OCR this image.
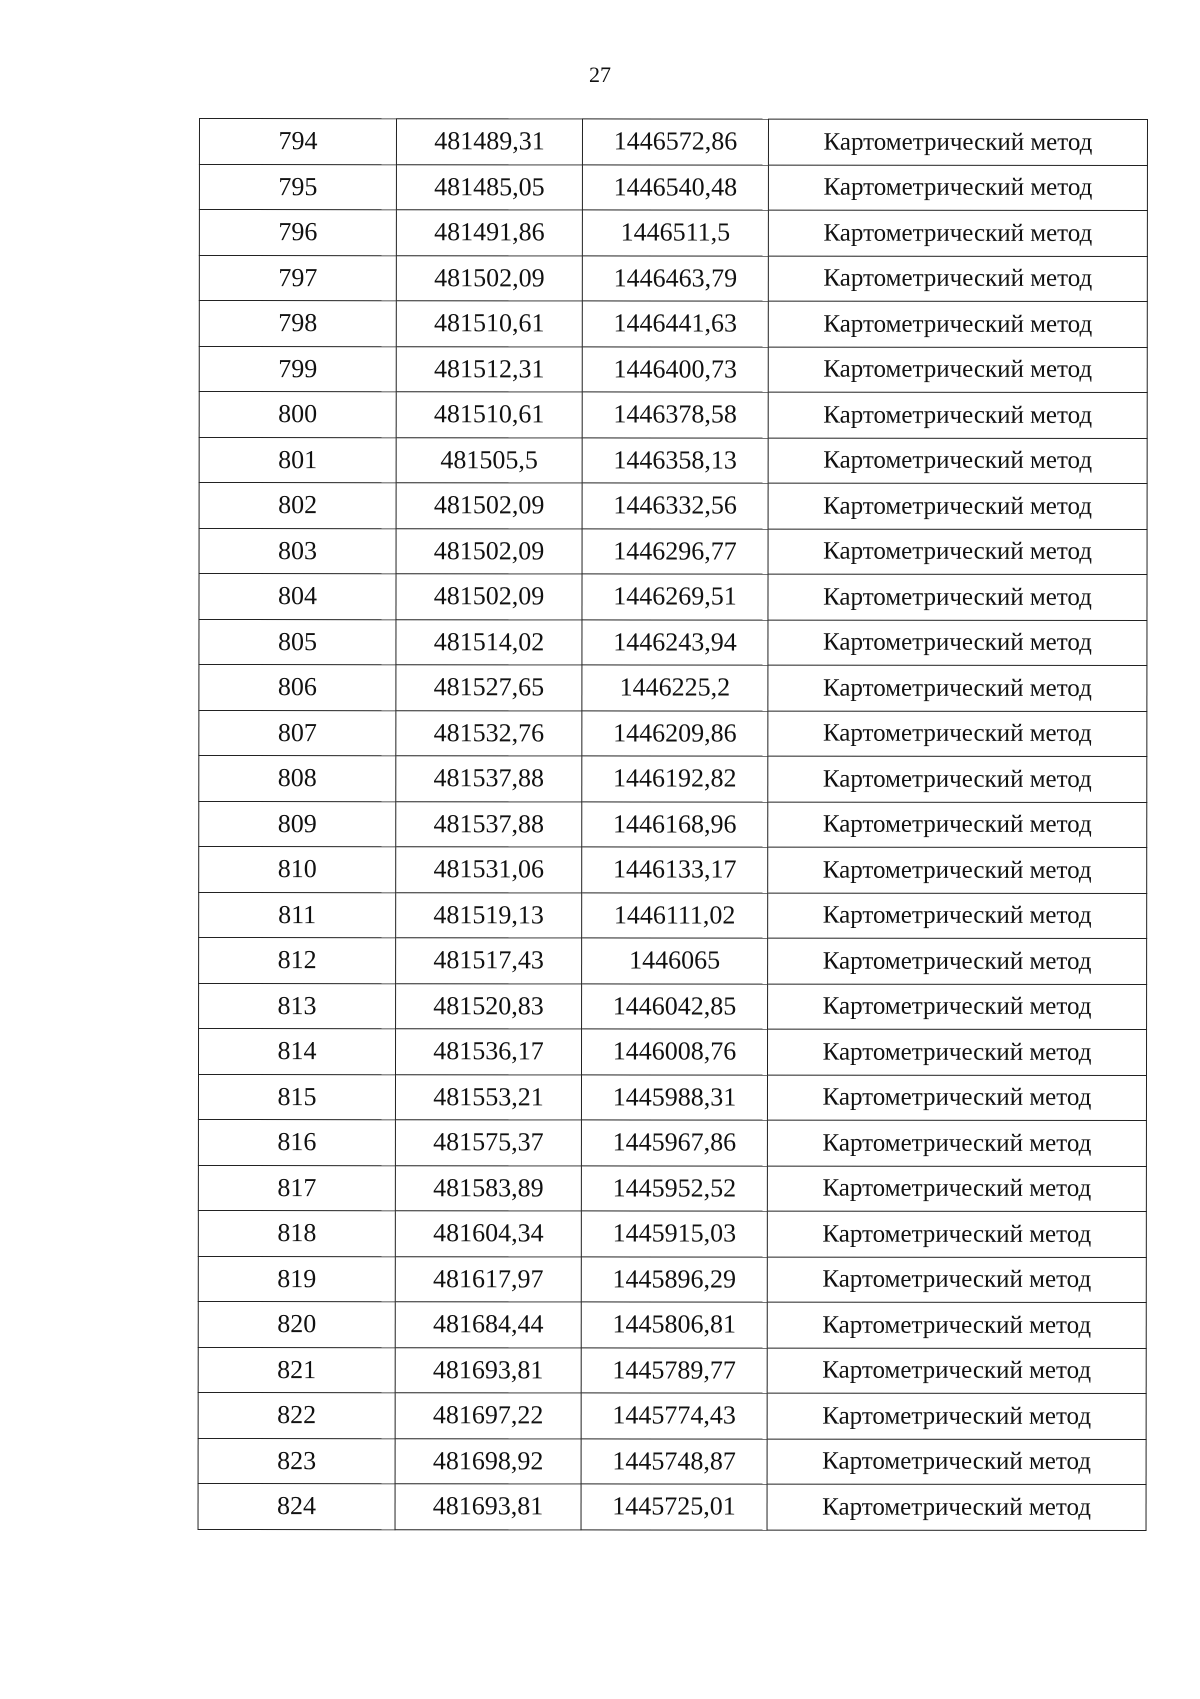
27
794	481489,31	1446572,86	Картометрический метод
795	481485,05	1446540,48	Картометрический метод
796	481491,86	1446511,5	Картометрический метод
797	481502,09	1446463,79	Картометрический метод
798	481510,61	1446441,63	Картометрический метод
799	481512,31	1446400,73	Картометрический метод
800	481510,61	1446378,58	Картометрический метод
801	481505,5	1446358,13	Картометрический метод
802	481502,09	1446332,56	Картометрический метод
803	481502,09	1446296,77	Картометрический метод
804	481502,09	1446269,51	Картометрический метод
805	481514,02	1446243,94	Картометрический метод
806	481527,65	1446225,2	Картометрический метод
807	481532,76	1446209,86	Картометрический метод
808	481537,88	1446192,82	Картометрический метод
809	481537,88	1446168,96	Картометрический метод
810	481531,06	1446133,17	Картометрический метод
811	481519,13	1446111,02	Картометрический метод
812	481517,43	1446065	Картометрический метод
813	481520,83	1446042,85	Картометрический метод
814	481536,17	1446008,76	Картометрический метод
815	481553,21	1445988,31	Картометрический метод
816	481575,37	1445967,86	Картометрический метод
817	481583,89	1445952,52	Картометрический метод
818	481604,34	1445915,03	Картометрический метод
819	481617,97	1445896,29	Картометрический метод
820	481684,44	1445806,81	Картометрический метод
821	481693,81	1445789,77	Картометрический метод
822	481697,22	1445774,43	Картометрический метод
823	481698,92	1445748,87	Картометрический метод
824	481693,81	1445725,01	Картометрический метод
